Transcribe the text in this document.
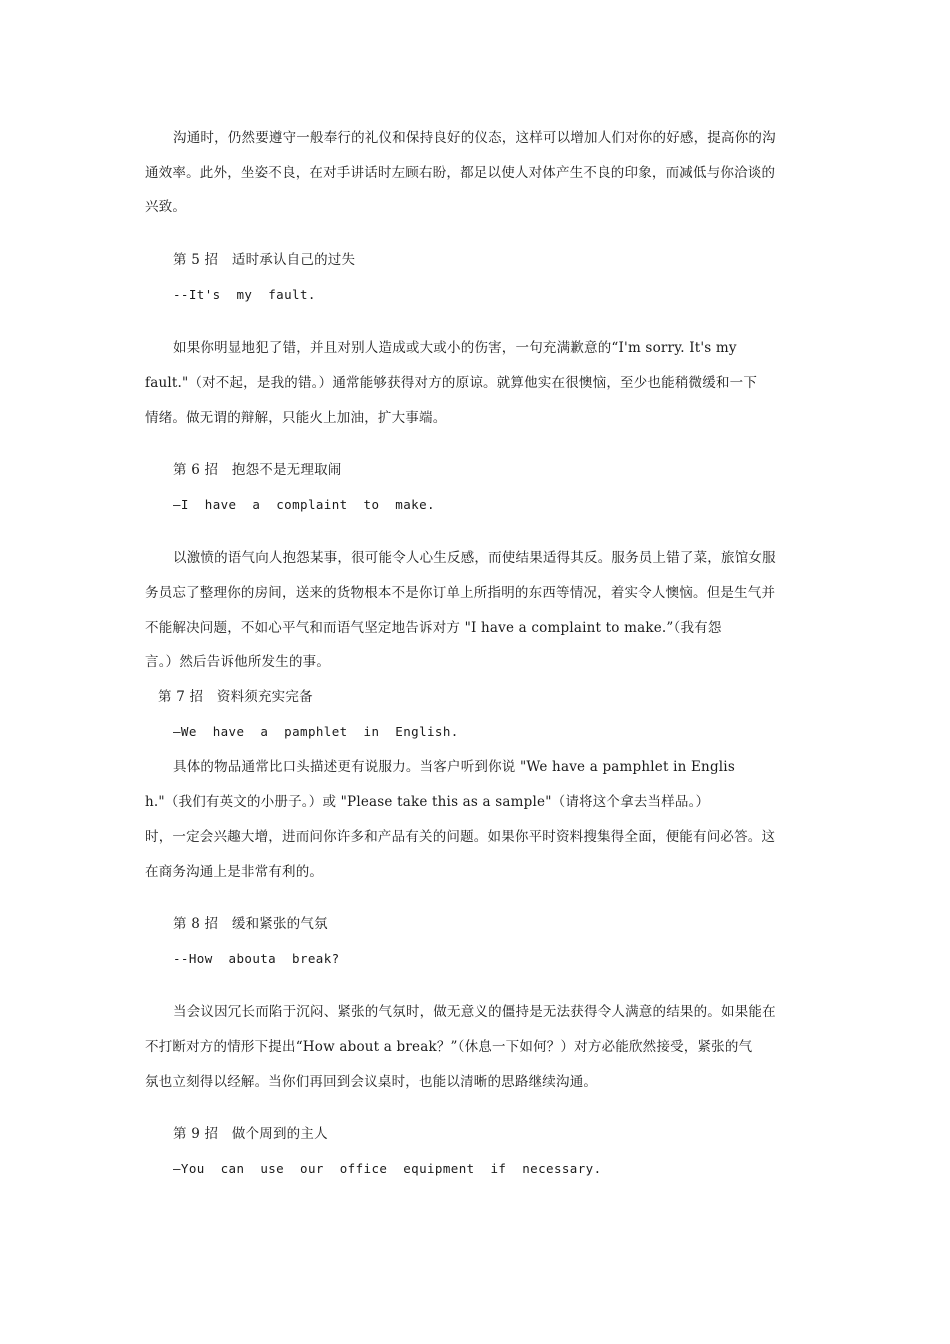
沟通时，仍然要遵守一般奉行的礼仪和保持良好的仪态，这样可以增加人们对你的好感，提高你的沟
通效率。此外，坐姿不良，在对手讲话时左顾右盼，都足以使人对体产生不良的印象，而减低与你洽谈的
兴致。
第 5 招　适时承认自己的过失
--It's my fault.
如果你明显地犯了错，并且对别人造成或大或小的伤害，一句充满歉意的“I'm sorry. It's my
fault."（对不起，是我的错。）通常能够获得对方的原谅。就算他实在很懊恼，至少也能稍微缓和一下
情绪。做无谓的辩解，只能火上加油，扩大事端。
第 6 招　抱怨不是无理取闹
—I have a complaint to make.
以激愤的语气向人抱怨某事，很可能令人心生反感，而使结果适得其反。服务员上错了菜，旅馆女服
务员忘了整理你的房间，送来的货物根本不是你订单上所指明的东西等情况，着实令人懊恼。但是生气并
不能解决问题，不如心平气和而语气坚定地告诉对方 "I have a complaint to make.”（我有怨
言。）然后告诉他所发生的事。
第 7 招　资料须充实完备
—We have a pamphlet in English.
具体的物品通常比口头描述更有说服力。当客户听到你说 "We have a pamphlet in Englis
h."（我们有英文的小册子。）或 "Please take this as a sample"（请将这个拿去当样品。）
时，一定会兴趣大增，进而问你许多和产品有关的问题。如果你平时资料搜集得全面，便能有问必答。这
在商务沟通上是非常有利的。
第 8 招　缓和紧张的气氛
--How abouta break?
当会议因冗长而陷于沉闷、紧张的气氛时，做无意义的僵持是无法获得令人满意的结果的。如果能在
不打断对方的情形下提出“How about a break？”（休息一下如何？）对方必能欣然接受，紧张的气
氛也立刻得以经解。当你们再回到会议桌时，也能以清晰的思路继续沟通。
第 9 招　做个周到的主人
—You can use our office equipment if necessary.
